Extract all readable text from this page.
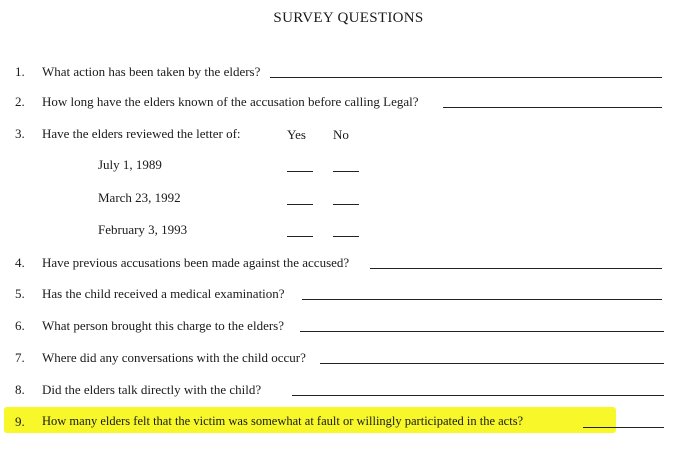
SURVEY QUESTIONS
1. What action has been taken by the elders?
2. How long have the elders known of the accusation before calling Legal?
3. Have the elders reviewed the letter of:	Yes No
July 1, 1989
March 23, 1992
February 3, 1993
4. Have previous accusations been made against the accused?
5. Has the child received a medical examination?
6. What person brought this charge to the elders?
7. Where did any conversations with the child occur?
8. Did the elders talk directly with the child?
9. How many elders felt that the victim was somewhat at fault or willingly participated in the acts?
